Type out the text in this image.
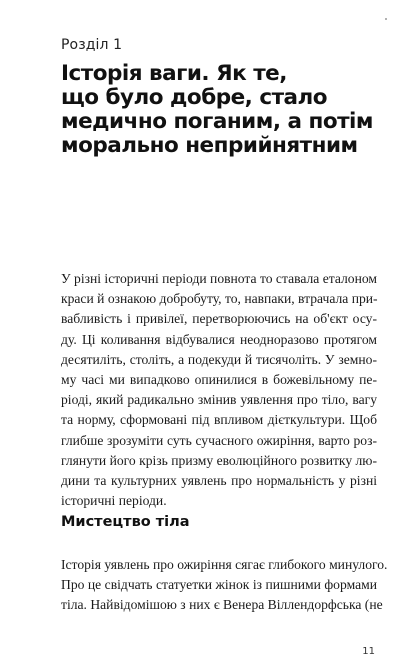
Розділ 1
Історія ваги. Як те,
що було добре, стало
медично поганим, а потім
морально неприйнятним
У різні історичні періоди повнота то ставала еталоном
краси й ознакою добробуту, то, навпаки, втрачала при-
вабливість і привілеї, перетворюючись на об'єкт осу-
ду. Ці коливання відбувалися неодноразово протягом
десятиліть, століть, а подекуди й тисячоліть. У земно-
му часі ми випадково опинилися в божевільному пе-
ріоді, який радикально змінив уявлення про тіло, вагу
та норму, сформовані під впливом дієткультури. Щоб
глибше зрозуміти суть сучасного ожиріння, варто роз-
глянути його крізь призму еволюційного розвитку лю-
дини та культурних уявлень про нормальність у різні
історичні періоди.
Мистецтво тіла
Історія уявлень про ожиріння сягає глибокого минулого.
Про це свідчать статуетки жінок із пишними формами
тіла. Найвідомішою з них є Венера Віллендорфська (не
11
